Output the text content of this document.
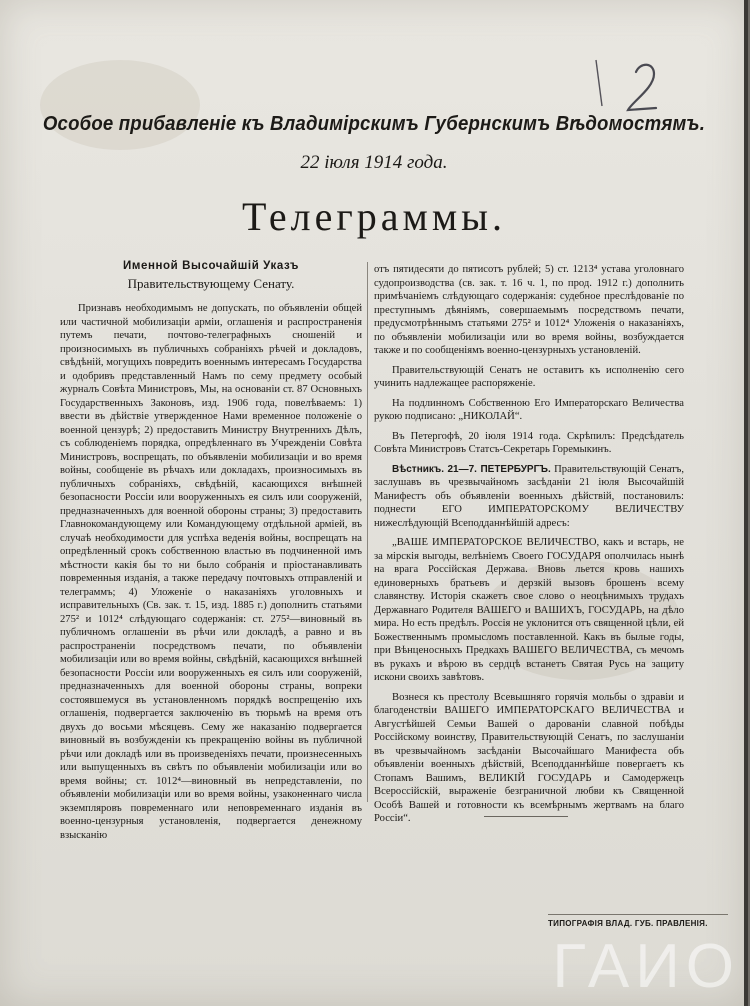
Особое прибавленіе къ Владимірскимъ Губернскимъ Вѣдомостямъ.
22 іюля 1914 года.
Телеграммы.
Именной Высочайшій Указъ
Правительствующему Сенату.

Признавъ необходимымъ не допускать, по объявленіи общей или частичной мобилизаціи арміи, оглашенія и распространенія путемъ печати, почтово-телеграфныхъ сношеній и произносимыхъ въ публичныхъ собраніяхъ рѣчей и докладовъ, свѣдѣній, могущихъ повредить военнымъ интересамъ Государства и одобривъ представленный Намъ по сему предмету особый журналъ Совѣта Министровъ, Мы, на основаніи ст. 87 Основныхъ Государственныхъ Законовъ, изд. 1906 года, повелѣваемъ: 1) ввести въ дѣйствіе утвержденное Нами временное положеніе о военной цензурѣ; 2) предоставить Министру Внутреннихъ Дѣлъ, съ соблюденіемъ порядка, опредѣленнаго въ Учрежденіи Совѣта Министровъ, воспрещать, по объявленіи мобилизаціи и во время войны, сообщеніе въ рѣчахъ или докладахъ, произносимыхъ въ публичныхъ собраніяхъ, свѣдѣній, касающихся внѣшней безопасности Россіи или вооруженныхъ ея силъ или сооруженій, предназначенныхъ для военной обороны страны; 3) предоставить Главнокомандующему или Командующему отдѣльной арміей, въ случаѣ необходимости для успѣха веденія войны, воспрещать на опредѣленный срокъ собственною властью въ подчиненной имъ мѣстности какія бы то ни было собранія и пріостанавливать повременныя изданія, а также передачу почтовыхъ отправленій и телеграммъ; 4) Уложеніе о наказаніяхъ уголовныхъ и исправительныхъ (Св. зак. т. 15, изд. 1885 г.) дополнить статьями 275² и 1012⁴ слѣдующаго содержанія: ст. 275²—виновный въ публичномъ оглашеніи въ рѣчи или докладѣ, а равно и въ распространеніи посредствомъ печати, по объявленіи мобилизаціи или во время войны, свѣдѣній, касающихся внѣшней безопасности Россіи или вооруженныхъ ея силъ или сооруженій, предназначенныхъ для военной обороны страны, вопреки состоявшемуся въ установленномъ порядкѣ воспрещенію ихъ оглашенія, подвергается заключенію въ тюрьмѣ на время отъ двухъ до восьми мѣсяцевъ. Сему же наказанію подвергается виновный въ возбужденіи къ прекращенію войны въ публичной рѣчи или докладѣ или въ произведеніяхъ печати, произнесенныхъ или выпущенныхъ въ свѣтъ по объявленіи мобилизаціи или во время войны; ст. 1012⁴—виновный въ непредставленіи, по объявленіи мобилизаціи или во время войны, узаконеннаго числа экземпляровъ повременнаго или неповременнаго изданія въ военно-цензурныя установленія, подвергается денежному взысканію

отъ пятидесяти до пятисотъ рублей; 5) ст. 1213⁴ устава уголовнаго судопроизводства (св. зак. т. 16 ч. 1, по прод. 1912 г.) дополнить примѣчаніемъ слѣдующаго содержанія: судебное преслѣдованіе по преступнымъ дѣяніямъ, совершаемымъ посредствомъ печати, предусмотрѣннымъ статьями 275² и 1012⁴ Уложенія о наказаніяхъ, по объявленіи мобилизаціи или во время войны, возбуждается также и по сообщеніямъ военно-цензурныхъ установленій.

Правительствующій Сенатъ не оставитъ къ исполненію сего учинить надлежащее распоряженіе.

На подлинномъ Собственною Его Императорскаго Величества рукою подписано: „НИКОЛАЙ“.

Въ Петергофѣ, 20 іюля 1914 года. Скрѣпилъ: Предсѣдатель Совѣта Министровъ Статсъ-Секретарь Горемыкинъ.

Вѣстникъ. 21—7. ПЕТЕРБУРГЪ. Правительствующій Сенатъ, заслушавъ въ чрезвычайномъ засѣданіи 21 іюля Высочайшій Манифестъ объ объявленіи военныхъ дѣйствій, постановилъ: поднести ЕГО ИМПЕРАТОРСКОМУ ВЕЛИЧЕСТВУ нижеслѣдующій Всеподданнѣйшій адресъ:

„ВАШЕ ИМПЕРАТОРСКОЕ ВЕЛИЧЕСТВО, какъ и встарь, не за мірскія выгоды, велѣніемъ Своего ГОСУДАРЯ ополчилась нынѣ на врага Россійская Держава. Вновь льется кровь нашихъ единоверныхъ братьевъ и дерзкій вызовъ брошенъ всему славянству. Исторія скажетъ свое слово о неоцѣнимыхъ трудахъ Державнаго Родителя ВАШЕГО и ВАШИХЪ, ГОСУДАРЬ, на дѣло мира. Но есть предѣлъ. Россія не уклонится отъ священной цѣли, ей Божественнымъ промысломъ поставленной. Какъ въ былые годы, при Вѣнценосныхъ Предкахъ ВАШЕГО ВЕЛИЧЕСТВА, съ мечомъ въ рукахъ и вѣрою въ сердцѣ встанетъ Святая Русь на защиту искони своихъ завѣтовъ.

Вознеся къ престолу Всевышняго горячія мольбы о здравіи и благоденствіи ВАШЕГО ИМПЕРАТОРСКАГО ВЕЛИЧЕСТВА и Августѣйшей Семьи Вашей о дарованіи славной побѣды Россійскому воинству, Правительствующій Сенатъ, по заслушаніи въ чрезвычайномъ засѣданіи Высочайшаго Манифеста объ объявленіи военныхъ дѣйствій, Всеподданнѣйше повергаетъ къ Стопамъ Вашимъ, ВЕЛИКІЙ ГОСУДАРЬ и Самодержецъ Всероссійскій, выраженіе безграничной любви къ Священной Особѣ Вашей и готовности къ всемѣрнымъ жертвамъ на благо Россіи“.

ТИПОГРАФІЯ ВЛАД. ГУБ. ПРАВЛЕНІЯ.
ГАИО
